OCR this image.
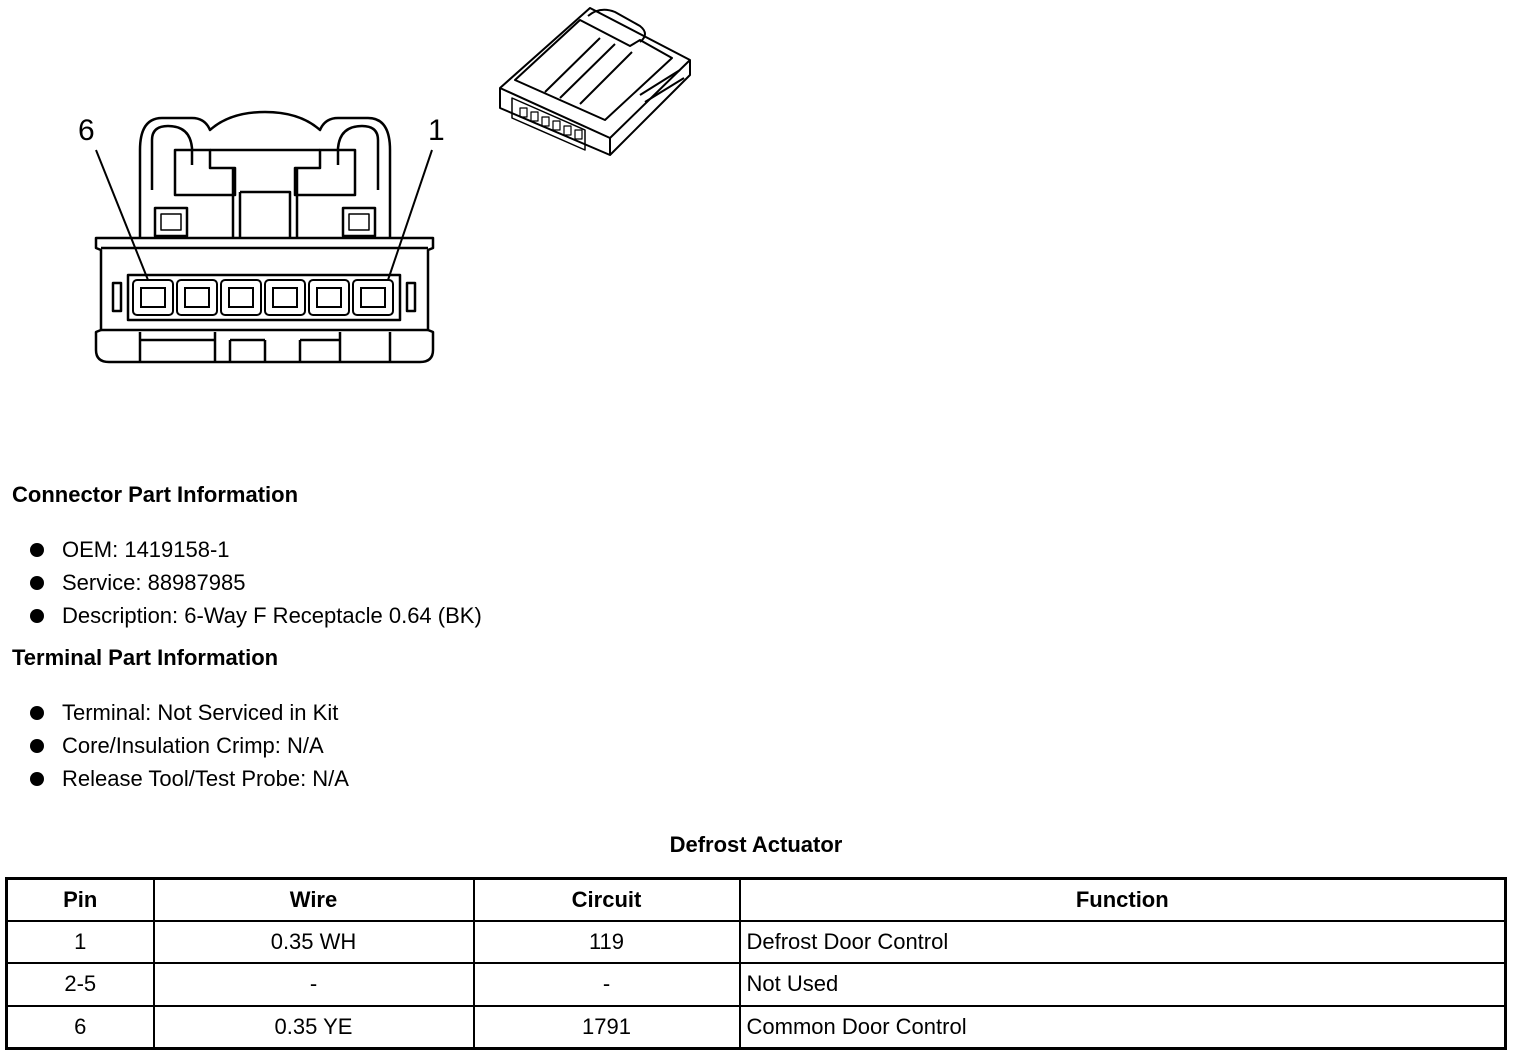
6	1
Connector Part Information
OEM: 1419158-1
Service: 88987985
Description: 6-Way F Receptacle 0.64 (BK)
Terminal Part Information
Terminal: Not Serviced in Kit
Core/Insulation Crimp: N/A
Release Tool/Test Probe: N/A
Defrost Actuator
Pin	Wire	Circuit	Function
1	0.35 WH	119	Defrost Door Control
2-5	-	-	Not Used
6	0.35 YE	1791	Common Door Control
